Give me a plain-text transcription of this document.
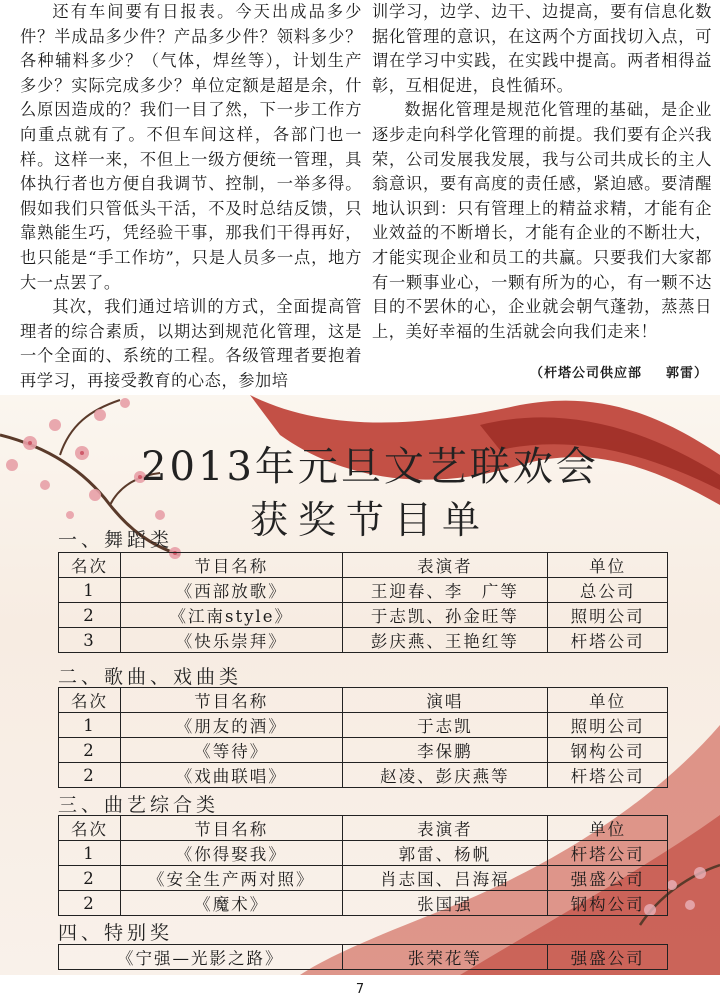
还有车间要有日报表。今天出成品多少件？半成品多少件？产品多少件？领料多少？各种辅料多少？（气体，焊丝等），计划生产多少？实际完成多少？单位定额是超是余，什么原因造成的？我们一目了然，下一步工作方向重点就有了。不但车间这样，各部门也一样。这样一来，不但上一级方便统一管理，具体执行者也方便自我调节、控制，一举多得。假如我们只管低头干活，不及时总结反馈，只靠熟能生巧，凭经验干事，那我们干得再好，也只能是“手工作坊”，只是人员多一点，地方大一点罢了。

其次，我们通过培训的方式，全面提高管理者的综合素质，以期达到规范化管理，这是一个全面的、系统的工程。各级管理者要抱着再学习，再接受教育的心态，参加培

训学习，边学、边干、边提高，要有信息化数据化管理的意识，在这两个方面找切入点，可谓在学习中实践，在实践中提高。两者相得益彰，互相促进，良性循环。

数据化管理是规范化管理的基础，是企业逐步走向科学化管理的前提。我们要有企兴我荣，公司发展我发展，我与公司共成长的主人翁意识，要有高度的责任感，紧迫感。要清醒地认识到：只有管理上的精益求精，才能有企业效益的不断增长，才能有企业的不断壮大，才能实现企业和员工的共赢。只要我们大家都有一颗事业心，一颗有所为的心，有一颗不达目的不罢休的心，企业就会朝气蓬勃，蒸蒸日上，美好幸福的生活就会向我们走来！

（杆塔公司供应部 郭雷）
2013年元旦文艺联欢会
获奖节目单
一、舞蹈类
名次	节目名称	表演者	单位
1	《西部放歌》	王迎春、李　广等	总公司
2	《江南style》	于志凯、孙金旺等	照明公司
3	《快乐崇拜》	彭庆燕、王艳红等	杆塔公司
二、歌曲、戏曲类
名次	节目名称	演唱	单位
1	《朋友的酒》	于志凯	照明公司
2	《等待》	李保鹏	钢构公司
2	《戏曲联唱》	赵凌、彭庆燕等	杆塔公司
三、曲艺综合类
名次	节目名称	表演者	单位
1	《你得娶我》	郭雷、杨帆	杆塔公司
2	《安全生产两对照》	肖志国、吕海福	强盛公司
2	《魔术》	张国强	钢构公司
四、特别奖
《宁强—光影之路》	张荣花等	强盛公司
7
